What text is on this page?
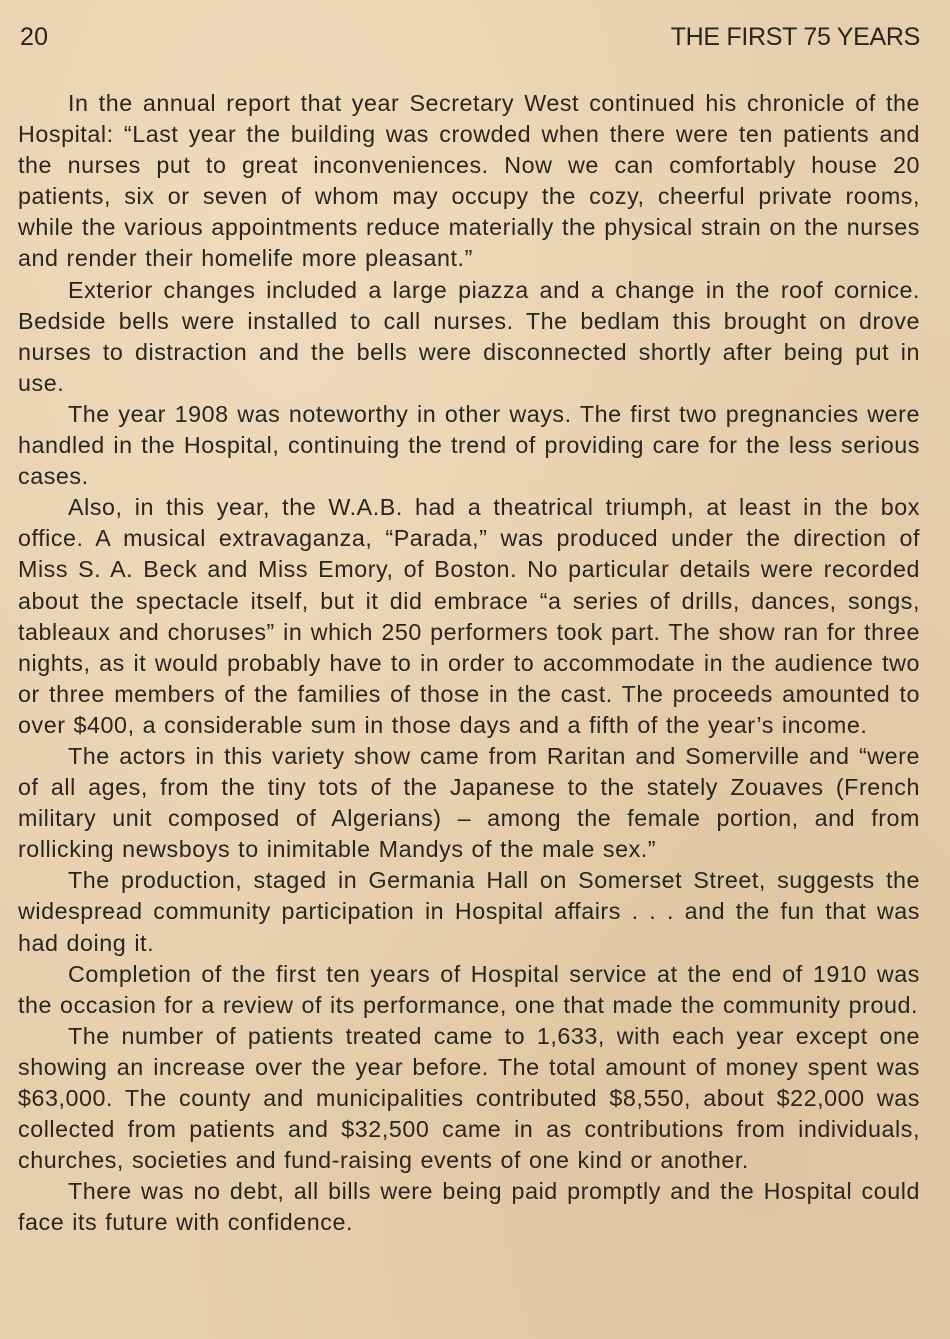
20	THE FIRST 75 YEARS

In the annual report that year Secretary West continued his chronicle of the Hospital: “Last year the building was crowded when there were ten patients and the nurses put to great inconveniences. Now we can comfortably house 20 patients, six or seven of whom may occupy the cozy, cheerful private rooms, while the various appointments reduce materially the physical strain on the nurses and render their homelife more pleasant.”

Exterior changes included a large piazza and a change in the roof cornice. Bedside bells were installed to call nurses. The bedlam this brought on drove nurses to distraction and the bells were disconnected shortly after being put in use.

The year 1908 was noteworthy in other ways. The first two pregnancies were handled in the Hospital, continuing the trend of providing care for the less serious cases.

Also, in this year, the W.A.B. had a theatrical triumph, at least in the box office. A musical extravaganza, “Parada,” was produced under the direction of Miss S. A. Beck and Miss Emory, of Boston. No particular details were recorded about the spectacle itself, but it did embrace “a series of drills, dances, songs, tableaux and choruses” in which 250 performers took part. The show ran for three nights, as it would probably have to in order to accommodate in the audience two or three members of the families of those in the cast. The proceeds amounted to over $400, a considerable sum in those days and a fifth of the year’s income.

The actors in this variety show came from Raritan and Somerville and “were of all ages, from the tiny tots of the Japanese to the stately Zouaves (French military unit composed of Algerians) – among the female portion, and from rollicking newsboys to inimitable Mandys of the male sex.”

The production, staged in Germania Hall on Somerset Street, suggests the widespread community participation in Hospital affairs . . . and the fun that was had doing it.

Completion of the first ten years of Hospital service at the end of 1910 was the occasion for a review of its performance, one that made the community proud.

The number of patients treated came to 1,633, with each year except one showing an increase over the year before. The total amount of money spent was $63,000. The county and municipalities contributed $8,550, about $22,000 was collected from patients and $32,500 came in as contributions from individuals, churches, societies and fund-raising events of one kind or another.

There was no debt, all bills were being paid promptly and the Hospital could face its future with confidence.
